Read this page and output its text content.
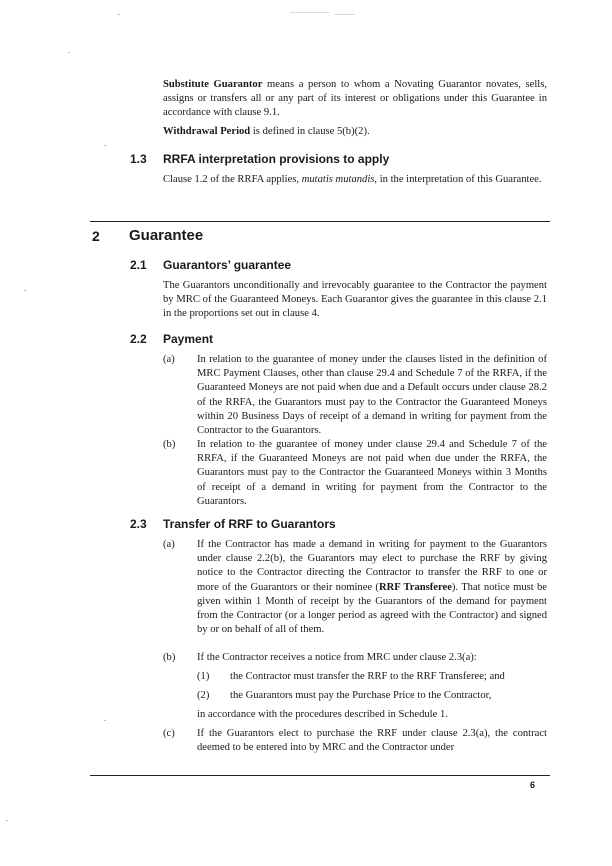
Substitute Guarantor means a person to whom a Novating Guarantor novates, sells, assigns or transfers all or any part of its interest or obligations under this Guarantee in accordance with clause 9.1.
Withdrawal Period is defined in clause 5(b)(2).
1.3 RRFA interpretation provisions to apply
Clause 1.2 of the RRFA applies, mutatis mutandis, in the interpretation of this Guarantee.
2 Guarantee
2.1 Guarantors’ guarantee
The Guarantors unconditionally and irrevocably guarantee to the Contractor the payment by MRC of the Guaranteed Moneys. Each Guarantor gives the guarantee in this clause 2.1 in the proportions set out in clause 4.
2.2 Payment
(a) In relation to the guarantee of money under the clauses listed in the definition of MRC Payment Clauses, other than clause 29.4 and Schedule 7 of the RRFA, if the Guaranteed Moneys are not paid when due and a Default occurs under clause 28.2 of the RRFA, the Guarantors must pay to the Contractor the Guaranteed Moneys within 20 Business Days of receipt of a demand in writing for payment from the Contractor to the Guarantors.
(b) In relation to the guarantee of money under clause 29.4 and Schedule 7 of the RRFA, if the Guaranteed Moneys are not paid when due under the RRFA, the Guarantors must pay to the Contractor the Guaranteed Moneys within 3 Months of receipt of a demand in writing for payment from the Contractor to the Guarantors.
2.3 Transfer of RRF to Guarantors
(a) If the Contractor has made a demand in writing for payment to the Guarantors under clause 2.2(b), the Guarantors may elect to purchase the RRF by giving notice to the Contractor directing the Contractor to transfer the RRF to one or more of the Guarantors or their nominee (RRF Transferee). That notice must be given within 1 Month of receipt by the Guarantors of the demand for payment from the Contractor (or a longer period as agreed with the Contractor) and signed by or on behalf of all of them.
(b) If the Contractor receives a notice from MRC under clause 2.3(a):
(1) the Contractor must transfer the RRF to the RRF Transferee; and
(2) the Guarantors must pay the Purchase Price to the Contractor,
in accordance with the procedures described in Schedule 1.
(c) If the Guarantors elect to purchase the RRF under clause 2.3(a), the contract deemed to be entered into by MRC and the Contractor under
6
